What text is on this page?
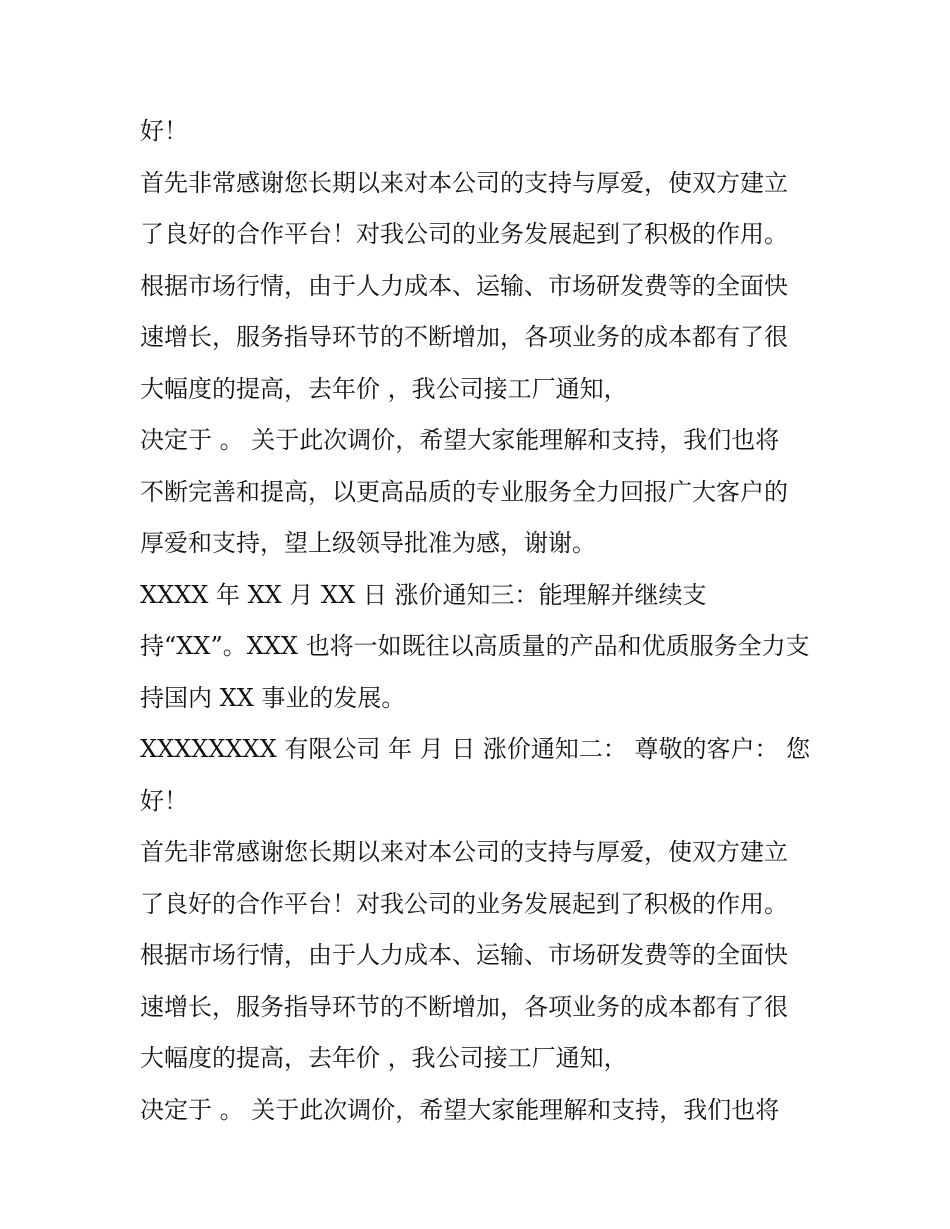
好！
首先非常感谢您长期以来对本公司的支持与厚爱，使双方建立
了良好的合作平台！对我公司的业务发展起到了积极的作用。
根据市场行情，由于人力成本、运输、市场研发费等的全面快
速增长，服务指导环节的不断增加，各项业务的成本都有了很
大幅度的提高，去年价 ，我公司接工厂通知，
决定于 。 关于此次调价，希望大家能理解和支持，我们也将
不断完善和提高，以更高品质的专业服务全力回报广大客户的
厚爱和支持，望上级领导批准为感，谢谢。
XXXX 年 XX 月 XX 日 涨价通知三：能理解并继续支
持“XX”。XXX 也将一如既往以高质量的产品和优质服务全力支
持国内 XX 事业的发展。
XXXXXXXX 有限公司 年 月 日 涨价通知二： 尊敬的客户： 您
好！
首先非常感谢您长期以来对本公司的支持与厚爱，使双方建立
了良好的合作平台！对我公司的业务发展起到了积极的作用。
根据市场行情，由于人力成本、运输、市场研发费等的全面快
速增长，服务指导环节的不断增加，各项业务的成本都有了很
大幅度的提高，去年价 ，我公司接工厂通知，
决定于 。 关于此次调价，希望大家能理解和支持，我们也将
